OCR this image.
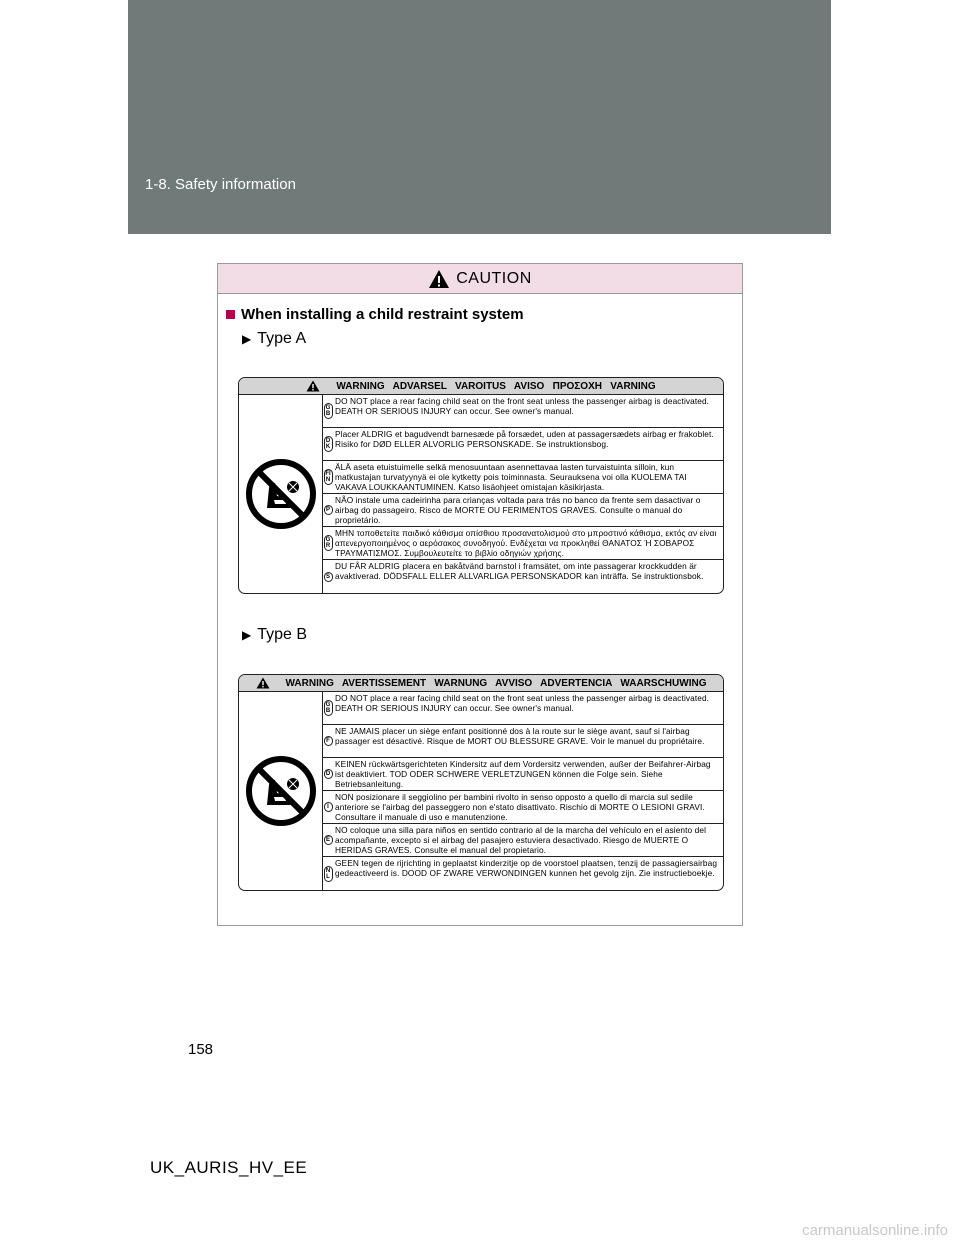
1-8. Safety information
CAUTION
When installing a child restraint system
▶ Type A
WARNING   ADVARSEL   VAROITUS   AVISO   ΠΡΟΣΟΧΗ   VARNING
GB
DO NOT place a rear facing child seat on the front seat unless the passenger airbag is deactivated. DEATH OR SERIOUS INJURY can occur. See owner's manual.
DK
Placer ALDRIG et bagudvendt barnesæde på forsædet, uden at passagersædets airbag er frakoblet. Risiko for DØD ELLER ALVORLIG PERSONSKADE. Se instruktionsbog.
FIN
ÄLÄ aseta etuistuimelle selkä menosuuntaan asennettavaa lasten turvaistuinta silloin, kun matkustajan turvatyynyä ei ole kytketty pois toiminnasta. Seurauksena voi olla KUOLEMA TAI VAKAVA LOUKKAANTUMINEN. Katso lisäohjeet omistajan käsikirjasta.
P
NÃO instale uma cadeirinha para crianças voltada para trás no banco da frente sem dasactivar o airbag do passageiro. Risco de MORTE OU FERIMENTOS GRAVES. Consulte o manual do proprietário.
GR
ΜΗΝ τοποθετείτε παιδικό κάθισμα οπίσθιου προσανατολισμού στο μπροστινό κάθισμα, εκτός αν είναι απενεργοποιημένος ο αερόσακος συνοδηγού. Ενδέχεται να προκληθεί ΘΑΝΑΤΟΣ Ή ΣΟΒΑΡΟΣ ΤΡΑΥΜΑΤΙΣΜΟΣ. Συμβουλευτείτε το βιβλίο οδηγιών χρήσης.
S
DU FÅR ALDRIG placera en bakåtvänd barnstol i framsätet, om inte passagerar krockkudden är avaktiverad. DÖDSFALL ELLER ALLVARLIGA PERSONSKADOR kan inträffa. Se instruktionsbok.
▶ Type B
WARNING   AVERTISSEMENT   WARNUNG   AVVISO   ADVERTENCIA   WAARSCHUWING
GB
DO NOT place a rear facing child seat on the front seat unless the passenger airbag is deactivated. DEATH OR SERIOUS INJURY can occur. See owner's manual.
F
NE JAMAIS placer un siège enfant positionné dos à la route sur le siège avant, sauf si l'airbag passager est désactivé. Risque de MORT OU BLESSURE GRAVE. Voir le manuel du propriétaire.
D
KEINEN rückwärtsgerichteten Kindersitz auf dem Vordersitz verwenden, außer der Beifahrer-Airbag ist deaktiviert. TOD ODER SCHWERE VERLETZUNGEN können die Folge sein. Siehe Betriebsanleitung.
I
NON posizionare il seggiolino per bambini rivolto in senso opposto a quello di marcia sul sedile anteriore se l'airbag del passeggero non e'stato disattivato. Rischio di MORTE O LESIONI GRAVI. Consultare il manuale di uso e manutenzione.
E
NO coloque una silla para niños en sentido contrario al de la marcha del vehículo en el asiento del acompañante, excepto si el airbag del pasajero estuviera desactivado. Riesgo de MUERTE O HERIDAS GRAVES. Consulte el manual del propietario.
NL
GEEN tegen de rijrichting in geplaatst kinderzitje op de voorstoel plaatsen, tenzij de passagiersairbag gedeactiveerd is. DOOD OF ZWARE VERWONDINGEN kunnen het gevolg zijn. Zie instructieboekje.
158
UK_AURIS_HV_EE
carmanualsonline.info
